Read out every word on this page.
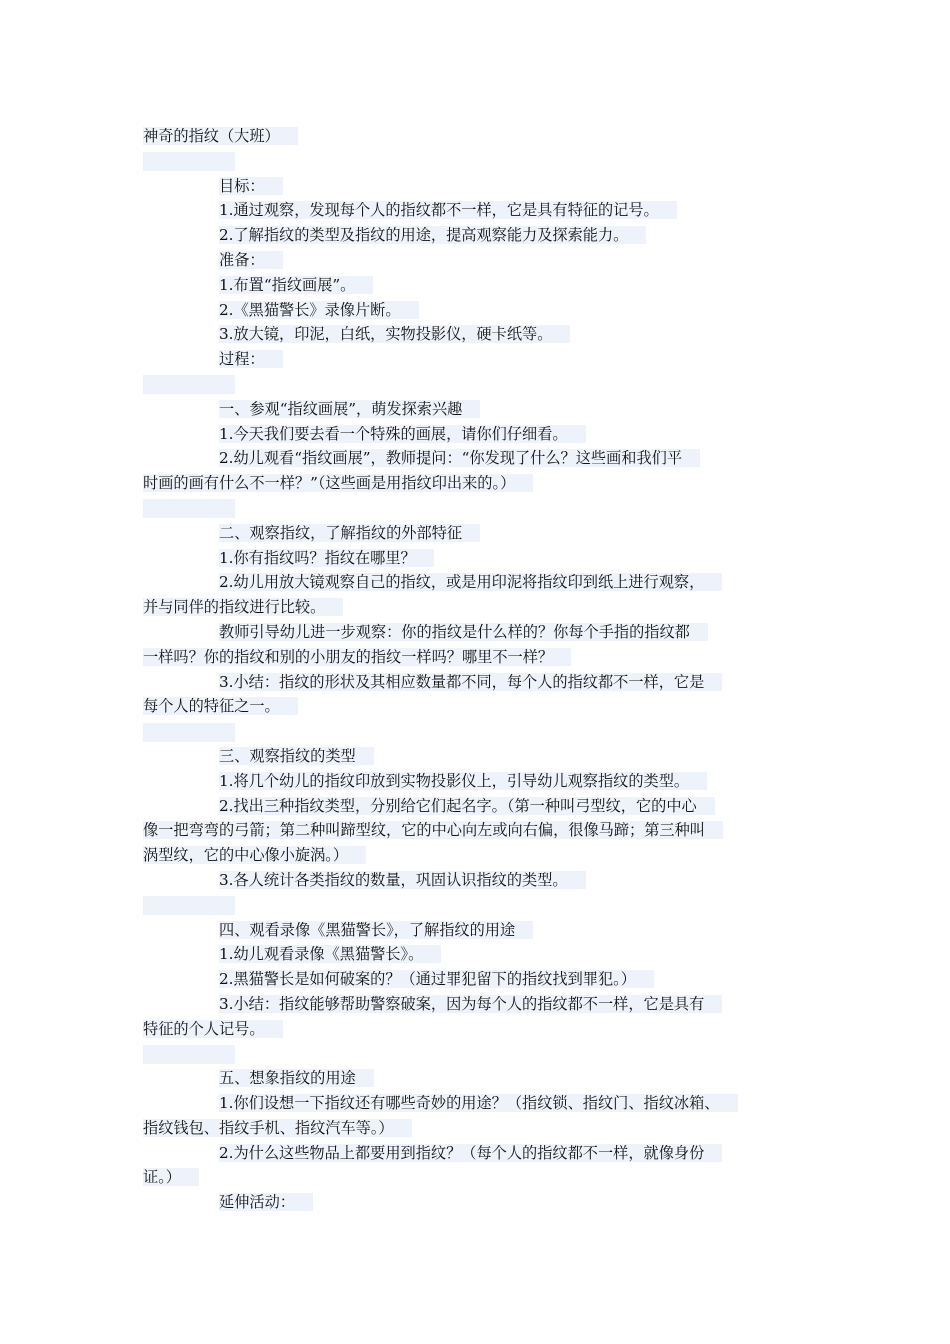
神奇的指纹（大班）
目标：
1.通过观察，发现每个人的指纹都不一样，它是具有特征的记号。
2.了解指纹的类型及指纹的用途，提高观察能力及探索能力。
准备：
1.布置“指纹画展”。
2.《黑猫警长》录像片断。
3.放大镜，印泥，白纸，实物投影仪，硬卡纸等。
过程：
一、参观“指纹画展”，萌发探索兴趣
1.今天我们要去看一个特殊的画展，请你们仔细看。
2.幼儿观看“指纹画展”，教师提问：“你发现了什么？这些画和我们平
时画的画有什么不一样？”（这些画是用指纹印出来的。）
二、观察指纹，了解指纹的外部特征
1.你有指纹吗？指纹在哪里？
2.幼儿用放大镜观察自己的指纹，或是用印泥将指纹印到纸上进行观察，
并与同伴的指纹进行比较。
教师引导幼儿进一步观察：你的指纹是什么样的？你每个手指的指纹都
一样吗？你的指纹和别的小朋友的指纹一样吗？哪里不一样？
3.小结：指纹的形状及其相应数量都不同，每个人的指纹都不一样，它是
每个人的特征之一。
三、观察指纹的类型
1.将几个幼儿的指纹印放到实物投影仪上，引导幼儿观察指纹的类型。
2.找出三种指纹类型，分别给它们起名字。（第一种叫弓型纹，它的中心
像一把弯弯的弓箭；第二种叫蹄型纹，它的中心向左或向右偏，很像马蹄；第三种叫
涡型纹，它的中心像小旋涡。）
3.各人统计各类指纹的数量，巩固认识指纹的类型。
四、观看录像《黑猫警长》，了解指纹的用途
1.幼儿观看录像《黑猫警长》。
2.黑猫警长是如何破案的？（通过罪犯留下的指纹找到罪犯。）
3.小结：指纹能够帮助警察破案，因为每个人的指纹都不一样，它是具有
特征的个人记号。
五、想象指纹的用途
1.你们设想一下指纹还有哪些奇妙的用途？（指纹锁、指纹门、指纹冰箱、
指纹钱包、指纹手机、指纹汽车等。）
2.为什么这些物品上都要用到指纹？（每个人的指纹都不一样，就像身份
证。）
延伸活动：
